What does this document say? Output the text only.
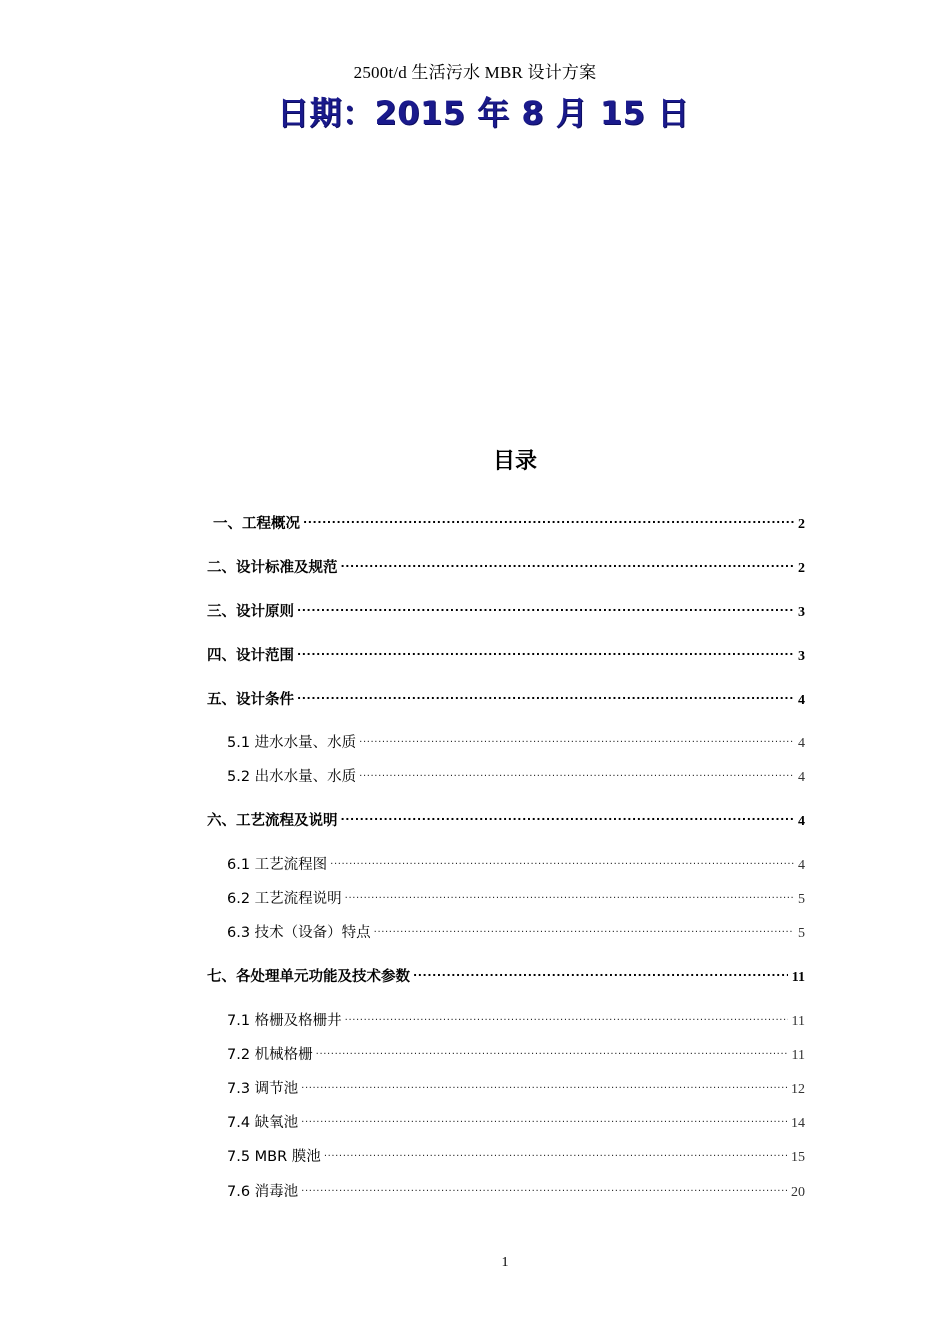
2500t/d 生活污水 MBR 设计方案
日期：2015 年 8 月 15 日
目录
一、工程概况 .....	2
二、设计标准及规范 .....	2
三、设计原则 .....	3
四、设计范围 .....	3
五、设计条件 .....	4
5.1 进水水量、水质 .....	4
5.2 出水水量、水质 .....	4
六、工艺流程及说明 .....	4
6.1 工艺流程图 .....	4
6.2 工艺流程说明 .....	5
6.3 技术（设备）特点 .....	5
七、各处理单元功能及技术参数 .....	11
7.1 格栅及格栅井 .....	11
7.2 机械格栅 .....	11
7.3 调节池 .....	12
7.4 缺氧池 .....	14
7.5 MBR 膜池 .....	15
7.6 消毒池 .....	20
1
